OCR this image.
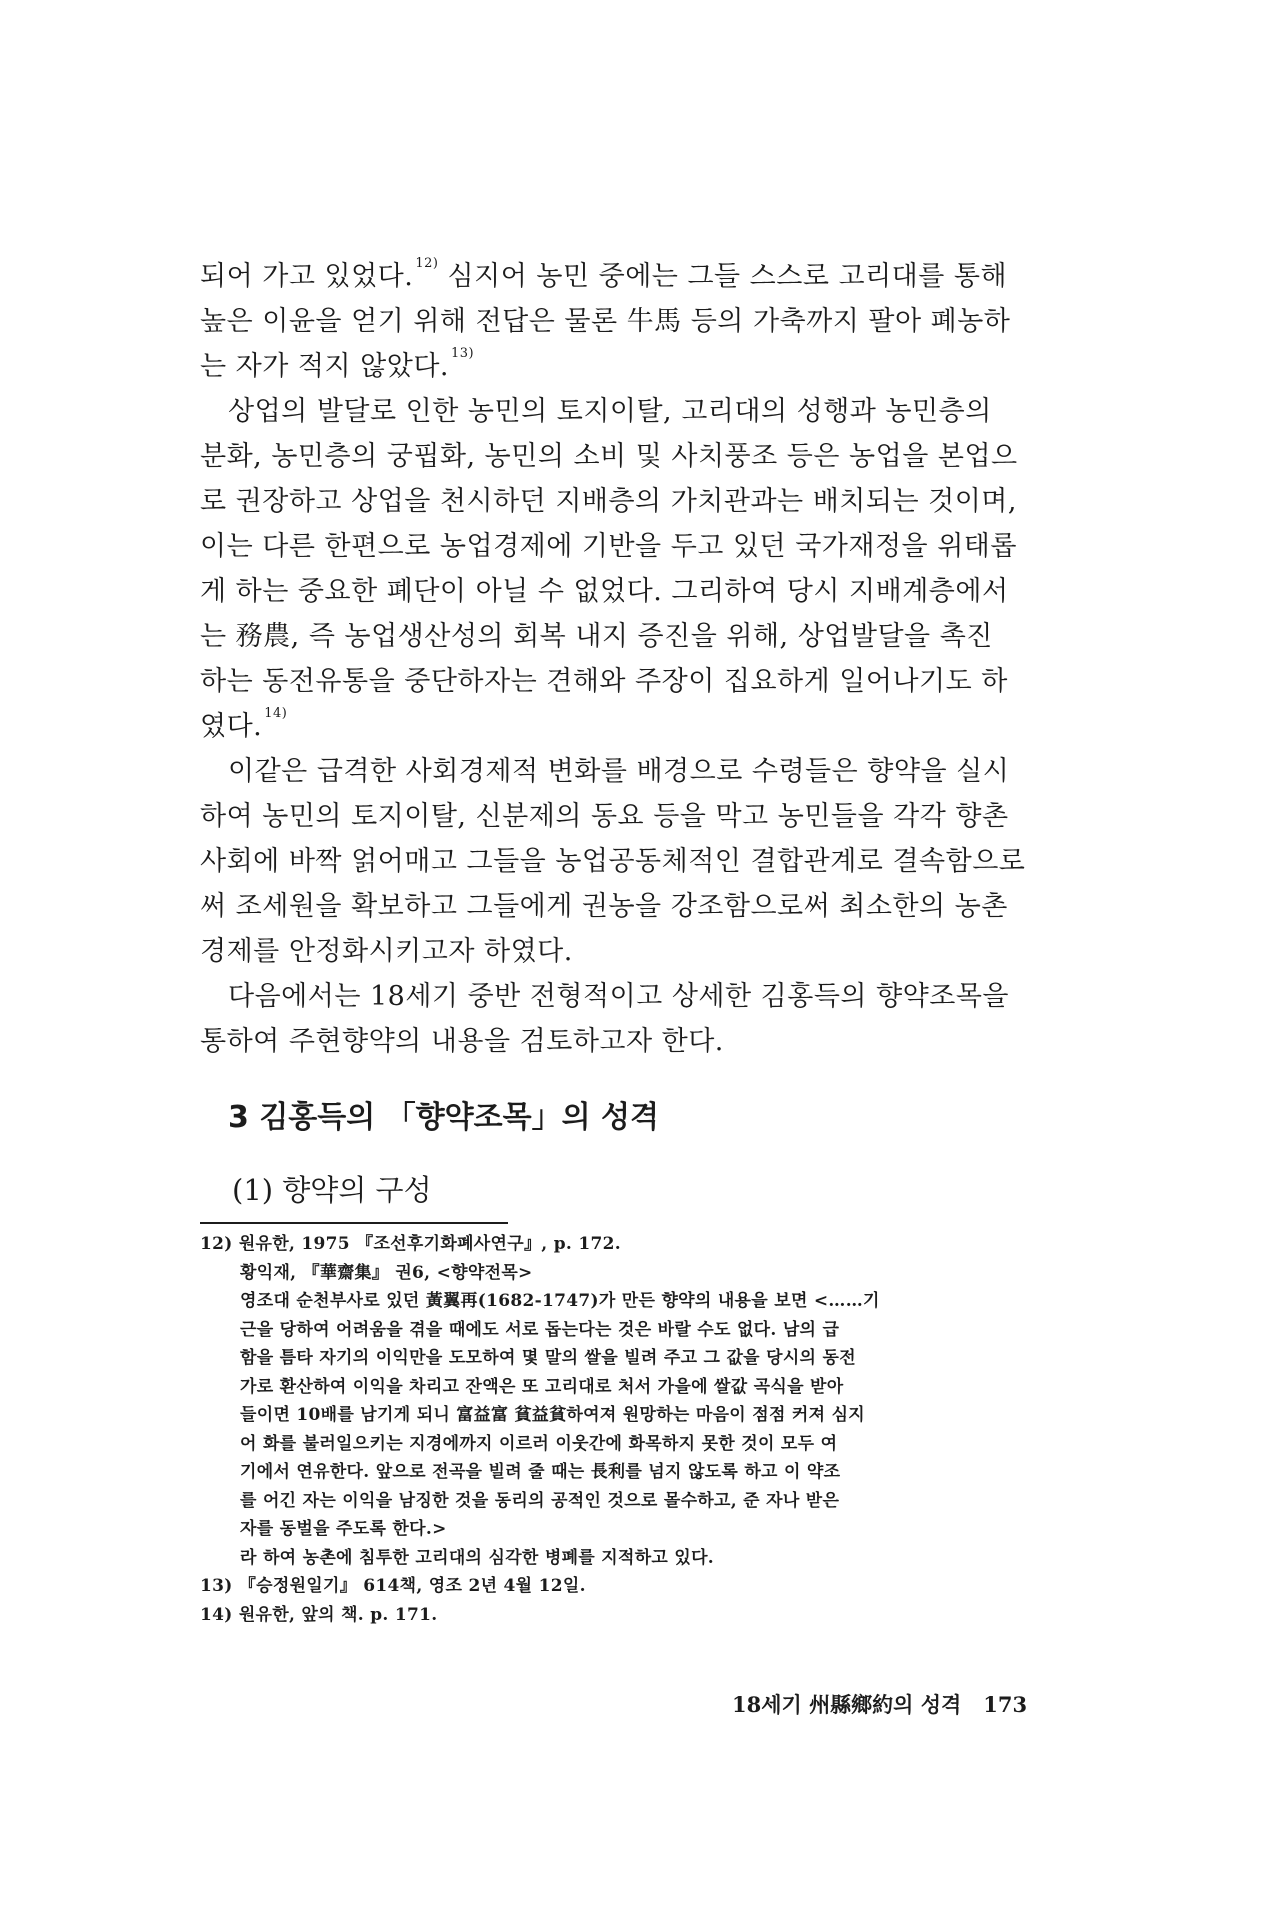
되어 가고 있었다. $^{12)}$ 심지어 농민 중에는 그들 스스로 고리대를 통해
높은 이윤을 얻기 위해 전답은 물론 牛馬 등의 가축까지 팔아 폐농하
는 자가 적지 않았다. $^{13)}$
상업의 발달로 인한 농민의 토지이탈, 고리대의 성행과 농민층의
분화, 농민층의 궁핍화, 농민의 소비 및 사치풍조 등은 농업을 본업으
로 권장하고 상업을 천시하던 지배층의 가치관과는 배치되는 것이며,
이는 다른 한편으로 농업경제에 기반을 두고 있던 국가재정을 위태롭
게 하는 중요한 폐단이 아닐 수 없었다. 그리하여 당시 지배계층에서
는 務農, 즉 농업생산성의 회복 내지 증진을 위해, 상업발달을 촉진
하는 동전유통을 중단하자는 견해와 주장이 집요하게 일어나기도 하
였다. $^{14)}$
이같은 급격한 사회경제적 변화를 배경으로 수령들은 향약을 실시
하여 농민의 토지이탈, 신분제의 동요 등을 막고 농민들을 각각 향촌
사회에 바짝 얽어매고 그들을 농업공동체적인 결합관계로 결속함으로
써 조세원을 확보하고 그들에게 권농을 강조함으로써 최소한의 농촌
경제를 안정화시키고자 하였다.
다음에서는 18세기 중반 전형적이고 상세한 김홍득의 향약조목을
통하여 주현향약의 내용을 검토하고자 한다.
3 김홍득의 「향약조목」의 성격
(1) 향약의 구성
12) 원유한, 1975 『조선후기화폐사연구』, p. 172.
황익재, 『華齋集』 권6, <향약전목>
영조대 순천부사로 있던 黃翼再(1682-1747)가 만든 향약의 내용을 보면 <……기
근을 당하여 어려움을 겪을 때에도 서로 돕는다는 것은 바랄 수도 없다. 남의 급
함을 틈타 자기의 이익만을 도모하여 몇 말의 쌀을 빌려 주고 그 값을 당시의 동전
가로 환산하여 이익을 차리고 잔액은 또 고리대로 처서 가을에 쌀값 곡식을 받아
들이면 10배를 남기게 되니 富益富 貧益貧하여져 원망하는 마음이 점점 커져 심지
어 화를 불러일으키는 지경에까지 이르러 이웃간에 화목하지 못한 것이 모두 여
기에서 연유한다. 앞으로 전곡을 빌려 줄 때는 長利를 넘지 않도록 하고 이 약조
를 어긴 자는 이익을 남징한 것을 동리의 공적인 것으로 몰수하고, 준 자나 받은
자를 동벌을 주도록 한다.>
라 하여 농촌에 침투한 고리대의 심각한 병폐를 지적하고 있다.
13) 『승정원일기』 614책, 영조 2년 4월 12일.
14) 원유한, 앞의 책. p. 171.
18세기 州縣鄉約의 성격 173
